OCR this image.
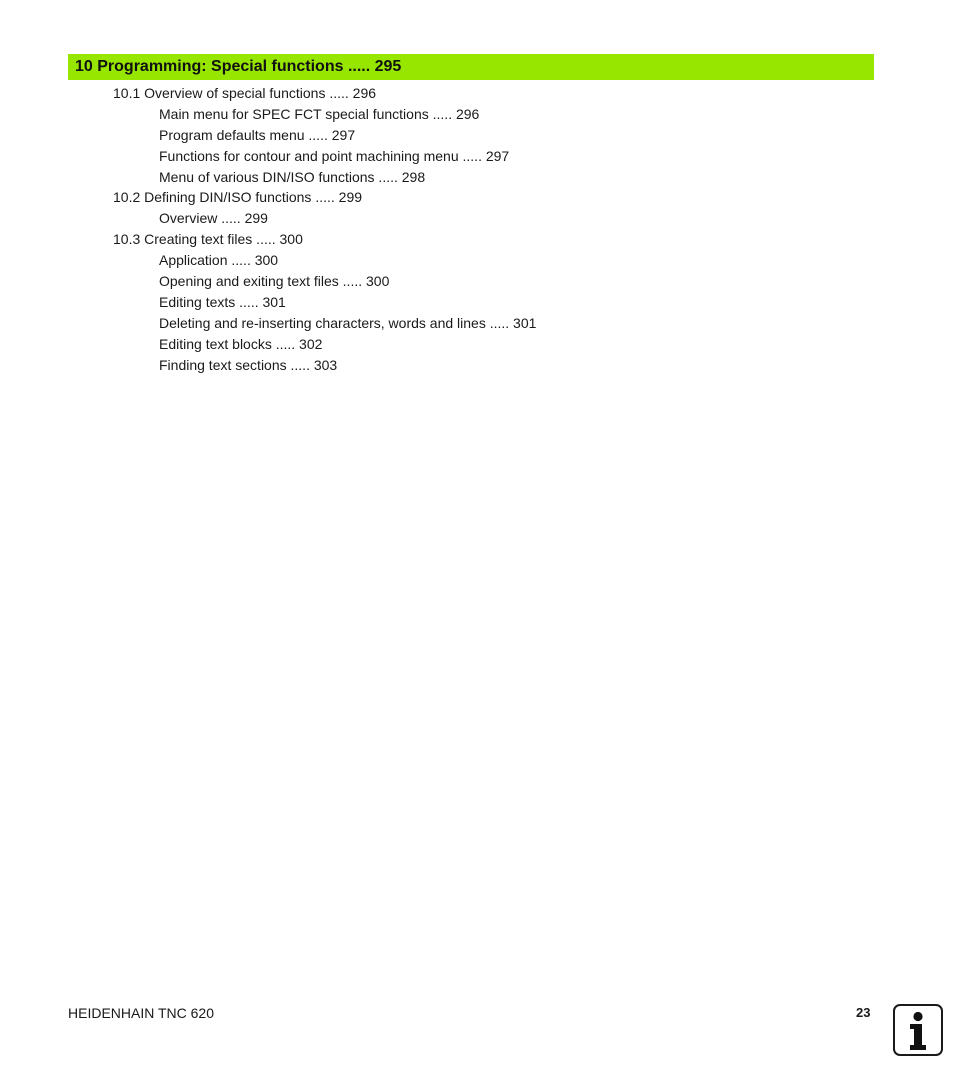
10 Programming: Special functions ..... 295
10.1 Overview of special functions ..... 296
Main menu for SPEC FCT special functions ..... 296
Program defaults menu ..... 297
Functions for contour and point machining menu ..... 297
Menu of various DIN/ISO functions ..... 298
10.2 Defining DIN/ISO functions ..... 299
Overview ..... 299
10.3 Creating text files ..... 300
Application ..... 300
Opening and exiting text files ..... 300
Editing texts ..... 301
Deleting and re-inserting characters, words and lines ..... 301
Editing text blocks ..... 302
Finding text sections ..... 303
HEIDENHAIN TNC 620	23
